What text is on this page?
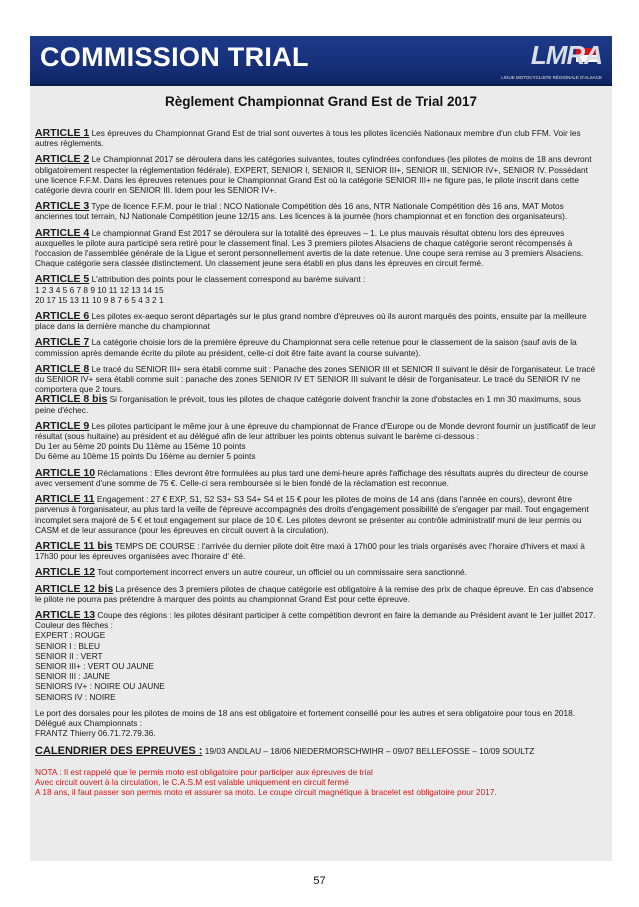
COMMISSION TRIAL	LMRA
LIGUE MOTOCYCLISTE RÉGIONALE D'ALSACE
Règlement Championnat Grand Est de Trial 2017
ARTICLE 1 Les épreuves du Championnat Grand Est de trial sont ouvertes à tous les pilotes licenciés Nationaux membre d'un club FFM. Voir les autres règlements.
ARTICLE 2 Le Championnat 2017 se déroulera dans les catégories suivantes, toutes cylindrées confondues (les pilotes de moins de 18 ans devront obligatoirement respecter la réglementation fédérale). EXPERT, SENIOR I, SENIOR II, SENIOR III+, SENIOR III, SENIOR IV+, SENIOR IV. Possédant une licence F.F.M. Dans les épreuves retenues pour le Championnat Grand Est où la catégorie SENIOR III+ ne figure pas, le pilote inscrit dans cette catégorie devra courir en SENIOR III. Idem pour les SENIOR IV+.
ARTICLE 3 Type de licence F.F.M. pour le trial : NCO Nationale Compétition dès 16 ans, NTR Nationale Compétition dès 16 ans, MAT Motos anciennes tout terrain, NJ Nationale Compétition jeune 12/15 ans. Les licences à la journée (hors championnat et en fonction des organisateurs).
ARTICLE 4 Le championnat Grand Est 2017 se déroulera sur la totalité des épreuves – 1. Le plus mauvais résultat obtenu lors des épreuves auxquelles le pilote aura participé sera retiré pour le classement final. Les 3 premiers pilotes Alsaciens de chaque catégorie seront récompensés à l'occasion de l'assemblée générale de la Ligue et seront personnellement avertis de la date retenue. Une coupe sera remise au 3 premiers Alsaciens. Chaque catégorie sera classée distinctement. Un classement jeune sera établi en plus dans les épreuves en circuit fermé.
ARTICLE 5 L'attribution des points pour le classement correspond au barème suivant :
1 2 3 4 5 6 7 8 9 10 11 12 13 14 15
20 17 15 13 11 10 9 8 7 6 5 4 3 2 1
ARTICLE 6 Les pilotes ex-aequo seront départagés sur le plus grand nombre d'épreuves où ils auront marqués des points, ensuite par la meilleure place dans la dernière manche du championnat
ARTICLE 7 La catégorie choisie lors de la première épreuve du Championnat sera celle retenue pour le classement de la saison (sauf avis de la commission après demande écrite du pilote au président, celle-ci doit être faite avant la course suivante).
ARTICLE 8 Le tracé du SENIOR III+ sera établi comme suit : Panache des zones SENIOR III et SENIOR II suivant le désir de l'organisateur. Le tracé du SENIOR IV+ sera établi comme suit : panache des zones SENIOR IV ET SENIOR III suivant le désir de l'organisateur. Le tracé du SENIOR IV ne comportera que 2 tours.
ARTICLE 8 bis Si l'organisation le prévoit, tous les pilotes de chaque catégorie doivent franchir la zone d'obstacles en 1 mn 30 maximums, sous peine d'échec.
ARTICLE 9 Les pilotes participant le même jour à une épreuve du championnat de France d'Europe ou de Monde devront fournir un justificatif de leur résultat (sous huitaine) au président et au délégué afin de leur attribuer les points obtenus suivant le barème ci-dessous :
Du 1er au 5ème 20 points Du 11ème au 15ème 10 points
Du 6ème au 10ème 15 points Du 16ème au dernier 5 points
ARTICLE 10 Réclamations : Elles devront être formulées au plus tard une demi-heure après l'affichage des résultats auprès du directeur de course avec versement d'une somme de 75 €. Celle-ci sera remboursée si le bien fondé de la réclamation est reconnue.
ARTICLE 11 Engagement : 27 € EXP, S1, S2 S3+ S3 S4+ S4 et 15 € pour les pilotes de moins de 14 ans (dans l'année en cours), devront être parvenus à l'organisateur, au plus tard la veille de l'épreuve accompagnés des droits d'engagement possibilité de s'engager par mail. Tout engagement incomplet sera majoré de 5 € et tout engagement sur place de 10 €. Les pilotes devront se présenter au contrôle administratif muni de leur permis ou CASM et de leur assurance (pour les épreuves en circuit ouvert à la circulation).
ARTICLE 11 bis TEMPS DE COURSE : l'arrivée du dernier pilote doit être maxi à 17h00 pour les trials organisés avec l'horaire d'hivers et maxi à 17h30 pour les épreuves organisées avec l'horaire d' été.
ARTICLE 12 Tout comportement incorrect envers un autre coureur, un officiel ou un commissaire sera sanctionné.
ARTICLE 12 bis La présence des 3 premiers pilotes de chaque catégorie est obligatoire à la remise des prix de chaque épreuve. En cas d'absence le pilote ne pourra pas prétendre à marquer des points au championnat Grand Est pour cette épreuve.
ARTICLE 13 Coupe des régions : les pilotes désirant participer à cette compétition devront en faire la demande au Président avant le 1er juillet 2017.
Couleur des flèches :
EXPERT : ROUGE
SENIOR I : BLEU
SENIOR II : VERT
SENIOR III+ : VERT OU JAUNE
SENIOR III : JAUNE
SENIORS IV+ : NOIRE OU JAUNE
SENIORS IV : NOIRE
Le port des dorsales pour les pilotes de moins de 18 ans est obligatoire et fortement conseillé pour les autres et sera obligatoire pour tous en 2018.
Délégué aux Championnats :
FRANTZ Thierry 06.71.72.79.36.
CALENDRIER DES EPREUVES : 19/03 ANDLAU – 18/06 NIEDERMORSCHWIHR – 09/07 BELLEFOSSE – 10/09 SOULTZ
NOTA : Il est rappelé que le permis moto est obligatoire pour participer aux épreuves de trial
Avec circuit ouvert à la circulation, le C.A.S.M est valable uniquement en circuit fermé
A 18 ans, il faut passer son permis moto et assurer sa moto. Le coupe circuit magnétique à bracelet est obligatoire pour 2017.
57
